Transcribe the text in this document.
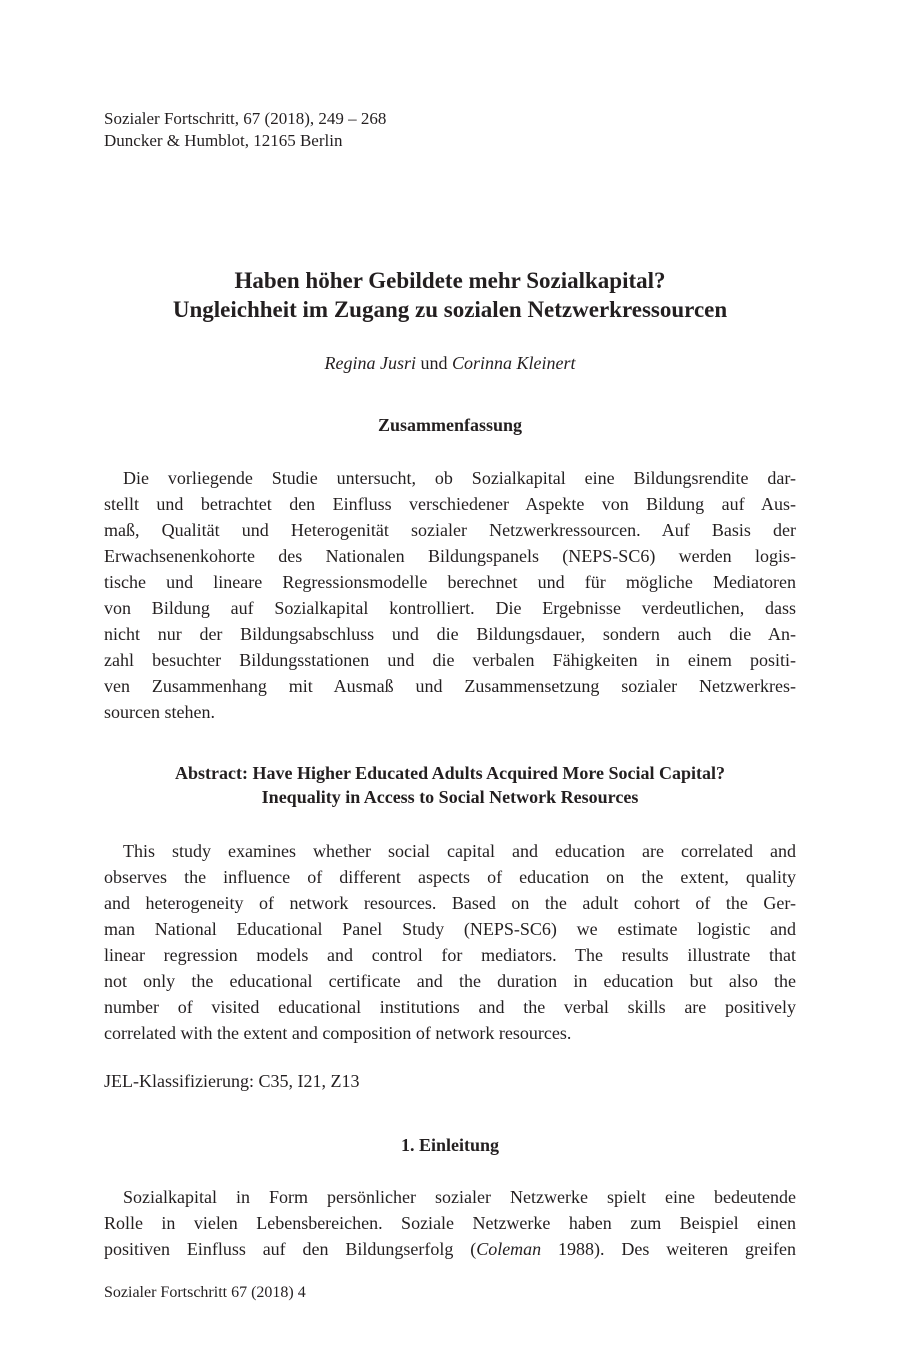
Sozialer Fortschritt, 67 (2018), 249 – 268
Duncker & Humblot, 12165 Berlin
Haben höher Gebildete mehr Sozialkapital?
Ungleichheit im Zugang zu sozialen Netzwerkressourcen
Regina Jusri und Corinna Kleinert
Zusammenfassung
Die vorliegende Studie untersucht, ob Sozialkapital eine Bildungsrendite dar-
stellt und betrachtet den Einfluss verschiedener Aspekte von Bildung auf Aus-
maß, Qualität und Heterogenität sozialer Netzwerkressourcen. Auf Basis der
Erwachsenenkohorte des Nationalen Bildungspanels (NEPS-SC6) werden logis-
tische und lineare Regressionsmodelle berechnet und für mögliche Mediatoren
von Bildung auf Sozialkapital kontrolliert. Die Ergebnisse verdeutlichen, dass
nicht nur der Bildungsabschluss und die Bildungsdauer, sondern auch die An-
zahl besuchter Bildungsstationen und die verbalen Fähigkeiten in einem positi-
ven Zusammenhang mit Ausmaß und Zusammensetzung sozialer Netzwerkres-
sourcen stehen.
Abstract: Have Higher Educated Adults Acquired More Social Capital?
Inequality in Access to Social Network Resources
This study examines whether social capital and education are correlated and
observes the influence of different aspects of education on the extent, quality
and heterogeneity of network resources. Based on the adult cohort of the Ger-
man National Educational Panel Study (NEPS-SC6) we estimate logistic and
linear regression models and control for mediators. The results illustrate that
not only the educational certificate and the duration in education but also the
number of visited educational institutions and the verbal skills are positively
correlated with the extent and composition of network resources.
JEL-Klassifizierung: C35, I21, Z13
1. Einleitung
Sozialkapital in Form persönlicher sozialer Netzwerke spielt eine bedeutende
Rolle in vielen Lebensbereichen. Soziale Netzwerke haben zum Beispiel einen
positiven Einfluss auf den Bildungserfolg (Coleman 1988). Des weiteren greifen
Sozialer Fortschritt 67 (2018) 4
